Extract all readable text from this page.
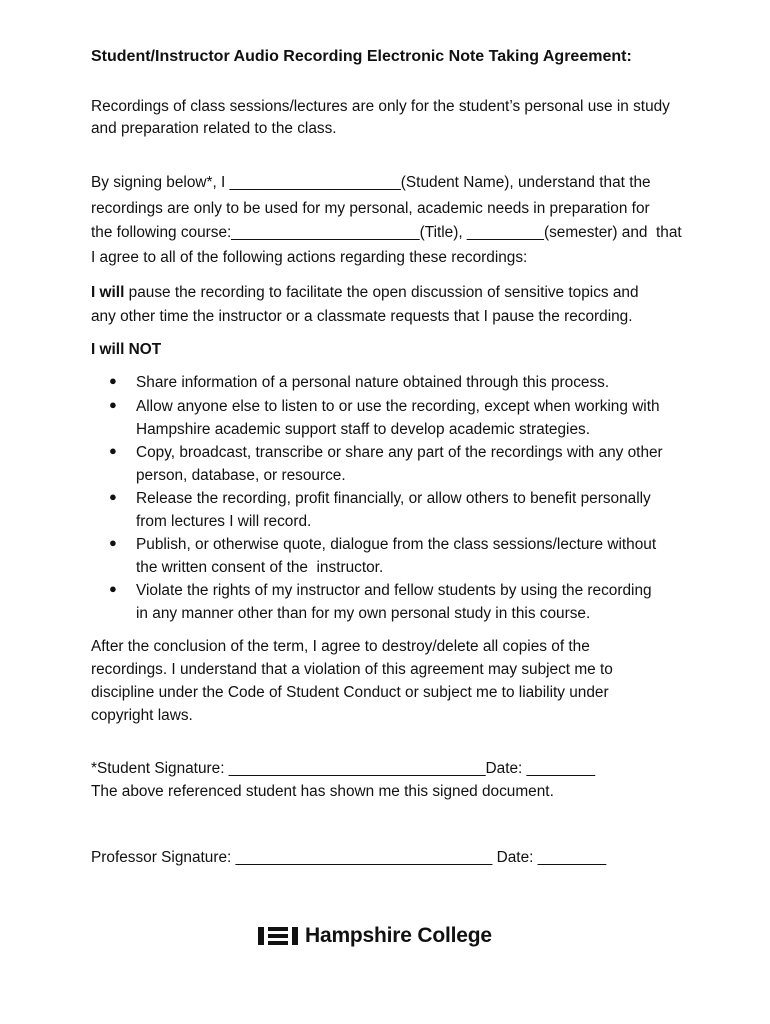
Student/Instructor Audio Recording Electronic Note Taking Agreement:
Recordings of class sessions/lectures are only for the student’s personal use in study
and preparation related to the class.
By signing below*, I ____________________(Student Name), understand that the
recordings are only to be used for my personal, academic needs in preparation for
the following course:______________________(Title), _________(semester) and  that
I agree to all of the following actions regarding these recordings:
I will pause the recording to facilitate the open discussion of sensitive topics and
any other time the instructor or a classmate requests that I pause the recording.
I will NOT
● Share information of a personal nature obtained through this process.
● Allow anyone else to listen to or use the recording, except when working with
Hampshire academic support staff to develop academic strategies.
● Copy, broadcast, transcribe or share any part of the recordings with any other
person, database, or resource.
● Release the recording, profit financially, or allow others to benefit personally
from lectures I will record.
● Publish, or otherwise quote, dialogue from the class sessions/lecture without
the written consent of the  instructor.
● Violate the rights of my instructor and fellow students by using the recording
in any manner other than for my own personal study in this course.
After the conclusion of the term, I agree to destroy/delete all copies of the
recordings. I understand that a violation of this agreement may subject me to
discipline under the Code of Student Conduct or subject me to liability under
copyright laws.
*Student Signature: ______________________________Date: ________
The above referenced student has shown me this signed document.
Professor Signature: ______________________________ Date: ________
Hampshire College
